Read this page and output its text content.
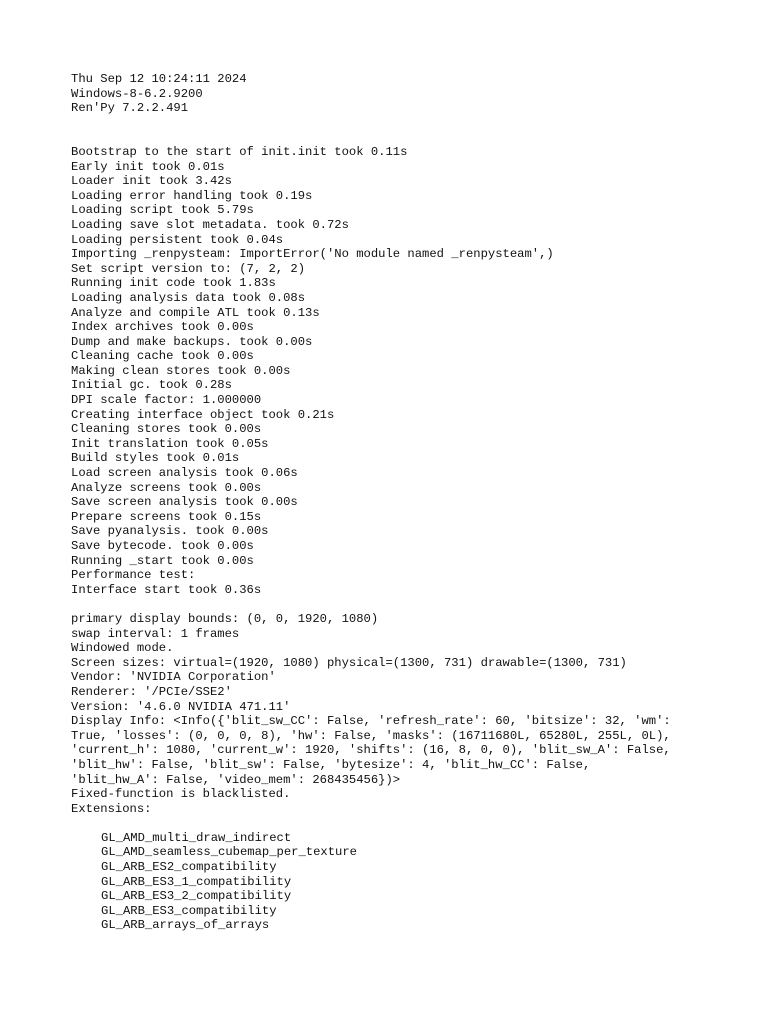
Thu Sep 12 10:24:11 2024
Windows-8-6.2.9200
Ren'Py 7.2.2.491
Bootstrap to the start of init.init took 0.11s
Early init took 0.01s
Loader init took 3.42s
Loading error handling took 0.19s
Loading script took 5.79s
Loading save slot metadata. took 0.72s
Loading persistent took 0.04s
Importing _renpysteam: ImportError('No module named _renpysteam',)
Set script version to: (7, 2, 2)
Running init code took 1.83s
Loading analysis data took 0.08s
Analyze and compile ATL took 0.13s
Index archives took 0.00s
Dump and make backups. took 0.00s
Cleaning cache took 0.00s
Making clean stores took 0.00s
Initial gc. took 0.28s
DPI scale factor: 1.000000
Creating interface object took 0.21s
Cleaning stores took 0.00s
Init translation took 0.05s
Build styles took 0.01s
Load screen analysis took 0.06s
Analyze screens took 0.00s
Save screen analysis took 0.00s
Prepare screens took 0.15s
Save pyanalysis. took 0.00s
Save bytecode. took 0.00s
Running _start took 0.00s
Performance test:
Interface start took 0.36s
primary display bounds: (0, 0, 1920, 1080)
swap interval: 1 frames
Windowed mode.
Screen sizes: virtual=(1920, 1080) physical=(1300, 731) drawable=(1300, 731)
Vendor: 'NVIDIA Corporation'
Renderer: '/PCIe/SSE2'
Version: '4.6.0 NVIDIA 471.11'
Display Info: <Info({'blit_sw_CC': False, 'refresh_rate': 60, 'bitsize': 32, 'wm':
True, 'losses': (0, 0, 0, 8), 'hw': False, 'masks': (16711680L, 65280L, 255L, 0L),
'current_h': 1080, 'current_w': 1920, 'shifts': (16, 8, 0, 0), 'blit_sw_A': False,
'blit_hw': False, 'blit_sw': False, 'bytesize': 4, 'blit_hw_CC': False,
'blit_hw_A': False, 'video_mem': 268435456})>
Fixed-function is blacklisted.
Extensions:
GL_AMD_multi_draw_indirect
GL_AMD_seamless_cubemap_per_texture
GL_ARB_ES2_compatibility
GL_ARB_ES3_1_compatibility
GL_ARB_ES3_2_compatibility
GL_ARB_ES3_compatibility
GL_ARB_arrays_of_arrays
